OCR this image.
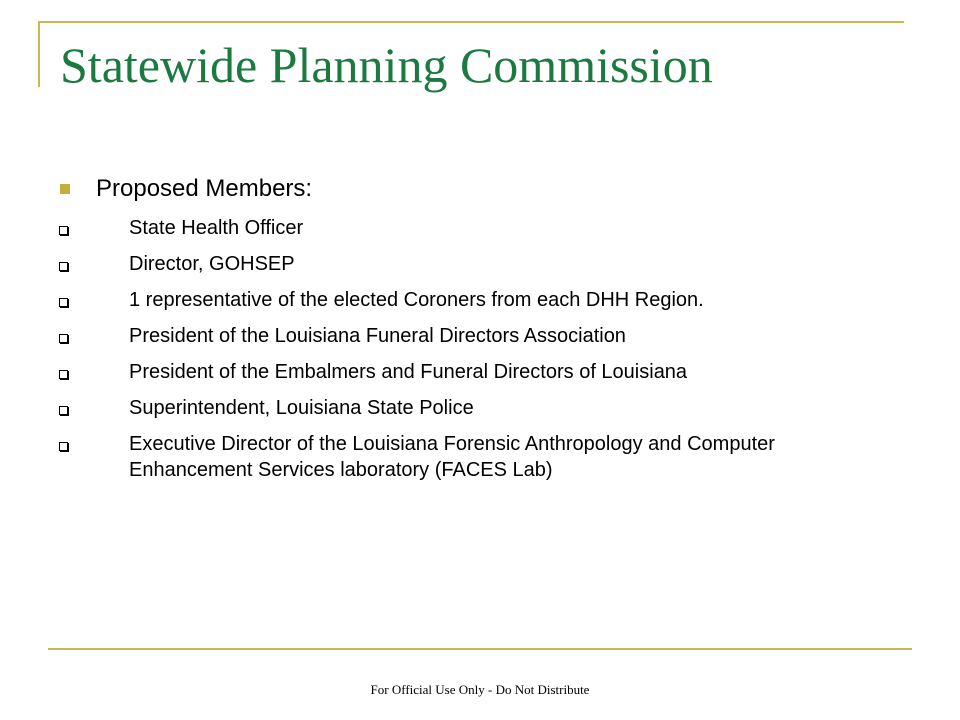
Statewide Planning Commission
Proposed Members:
State Health Officer
Director, GOHSEP
1 representative of the elected Coroners from each DHH Region.
President of the Louisiana Funeral Directors Association
President of the Embalmers and Funeral Directors of Louisiana
Superintendent, Louisiana State Police
Executive Director of the Louisiana Forensic Anthropology and Computer Enhancement Services laboratory (FACES Lab)
For Official Use Only - Do Not Distribute
